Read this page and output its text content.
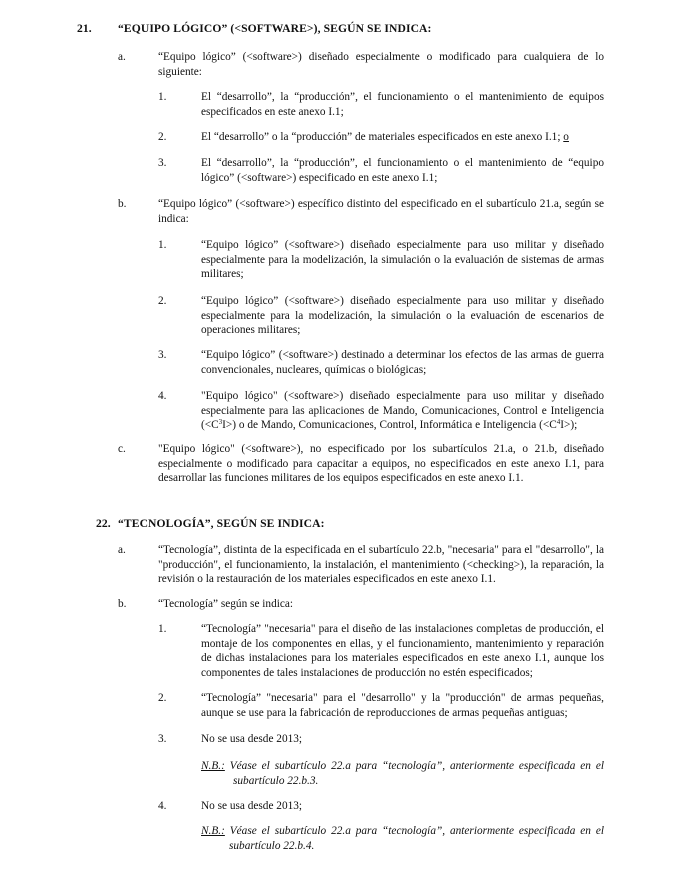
21. “EQUIPO LÓGICO” (<SOFTWARE>), SEGÚN SE INDICA:
a.	“Equipo lógico” (<software>) diseñado especialmente o modificado para cualquiera de lo
siguiente:
1.	El “desarrollo”, la “producción”, el funcionamiento o el mantenimiento de equipos
especificados en este anexo I.1;
2.	El “desarrollo” o la “producción” de materiales especificados en este anexo I.1; o
3.	El “desarrollo”, la “producción”, el funcionamiento o el mantenimiento de “equipo
lógico” (<software>) especificado en este anexo I.1;
b.	“Equipo lógico” (<software>) específico distinto del especificado en el subartículo 21.a, según se
indica:
1.	“Equipo lógico” (<software>) diseñado especialmente para uso militar y diseñado
especialmente para la modelización, la simulación o la evaluación de sistemas de armas
militares;
2.	“Equipo lógico” (<software>) diseñado especialmente para uso militar y diseñado
especialmente para la modelización, la simulación o la evaluación de escenarios de
operaciones militares;
3.	“Equipo lógico” (<software>) destinado a determinar los efectos de las armas de guerra
convencionales, nucleares, químicas o biológicas;
4.	"Equipo lógico" (<software>) diseñado especialmente para uso militar y diseñado
especialmente para las aplicaciones de Mando, Comunicaciones, Control e Inteligencia
$(<C^3I>)$ o de Mando, Comunicaciones, Control, Informática e Inteligencia $(<C^4I>)$;
c.	"Equipo lógico" (<software>), no especificado por los subartículos 21.a, o 21.b, diseñado
especialmente o modificado para capacitar a equipos, no especificados en este anexo I.1, para
desarrollar las funciones militares de los equipos especificados en este anexo I.1.
22. “TECNOLOGÍA”, SEGÚN SE INDICA:
a.	“Tecnología”, distinta de la especificada en el subartículo 22.b, "necesaria" para el "desarrollo", la
"producción", el funcionamiento, la instalación, el mantenimiento (<checking>), la reparación, la
revisión o la restauración de los materiales especificados en este anexo I.1.
b.	“Tecnología” según se indica:
1.	“Tecnología” "necesaria" para el diseño de las instalaciones completas de producción, el
montaje de los componentes en ellas, y el funcionamiento, mantenimiento y reparación
de dichas instalaciones para los materiales especificados en este anexo I.1, aunque los
componentes de tales instalaciones de producción no estén especificados;
2.	“Tecnología” "necesaria" para el "desarrollo" y la "producción" de armas pequeñas,
aunque se use para la fabricación de reproducciones de armas pequeñas antiguas;
3.	No se usa desde 2013;
N.B.: Véase el subartículo 22.a para “tecnología”, anteriormente especificada en el
subartículo 22.b.3.
4.	No se usa desde 2013;
N.B.: Véase el subartículo 22.a para “tecnología”, anteriormente especificada en el
subartículo 22.b.4.
